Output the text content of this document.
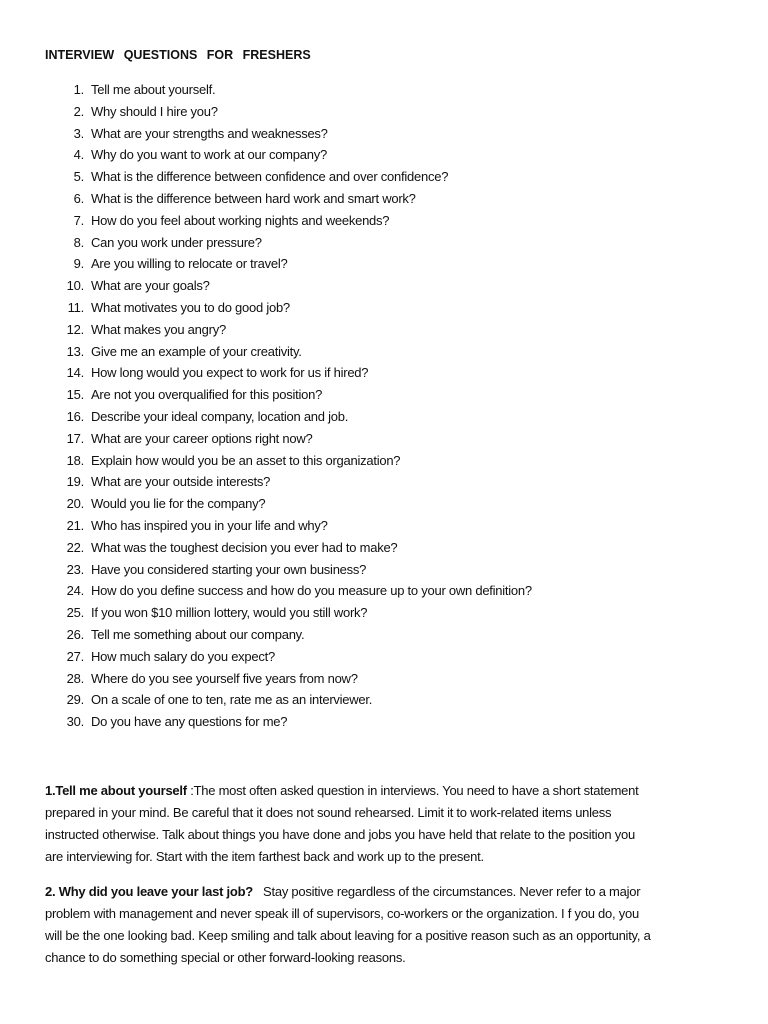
INTERVIEW QUESTIONS FOR FRESHERS
1. Tell me about yourself.
2. Why should I hire you?
3. What are your strengths and weaknesses?
4. Why do you want to work at our company?
5. What is the difference between confidence and over confidence?
6. What is the difference between hard work and smart work?
7. How do you feel about working nights and weekends?
8. Can you work under pressure?
9. Are you willing to relocate or travel?
10. What are your goals?
11. What motivates you to do good job?
12. What makes you angry?
13. Give me an example of your creativity.
14. How long would you expect to work for us if hired?
15. Are not you overqualified for this position?
16. Describe your ideal company, location and job.
17. What are your career options right now?
18. Explain how would you be an asset to this organization?
19. What are your outside interests?
20. Would you lie for the company?
21. Who has inspired you in your life and why?
22. What was the toughest decision you ever had to make?
23. Have you considered starting your own business?
24. How do you define success and how do you measure up to your own definition?
25. If you won $10 million lottery, would you still work?
26. Tell me something about our company.
27. How much salary do you expect?
28. Where do you see yourself five years from now?
29. On a scale of one to ten, rate me as an interviewer.
30. Do you have any questions for me?
1.Tell me about yourself :The most often asked question in interviews. You need to have a short statement
prepared in your mind. Be careful that it does not sound rehearsed. Limit it to work-related items unless
instructed otherwise. Talk about things you have done and jobs you have held that relate to the position you
are interviewing for. Start with the item farthest back and work up to the present.
2. Why did you leave your last job?   Stay positive regardless of the circumstances. Never refer to a major
problem with management and never speak ill of supervisors, co-workers or the organization. I f you do, you
will be the one looking bad. Keep smiling and talk about leaving for a positive reason such as an opportunity, a
chance to do something special or other forward-looking reasons.
